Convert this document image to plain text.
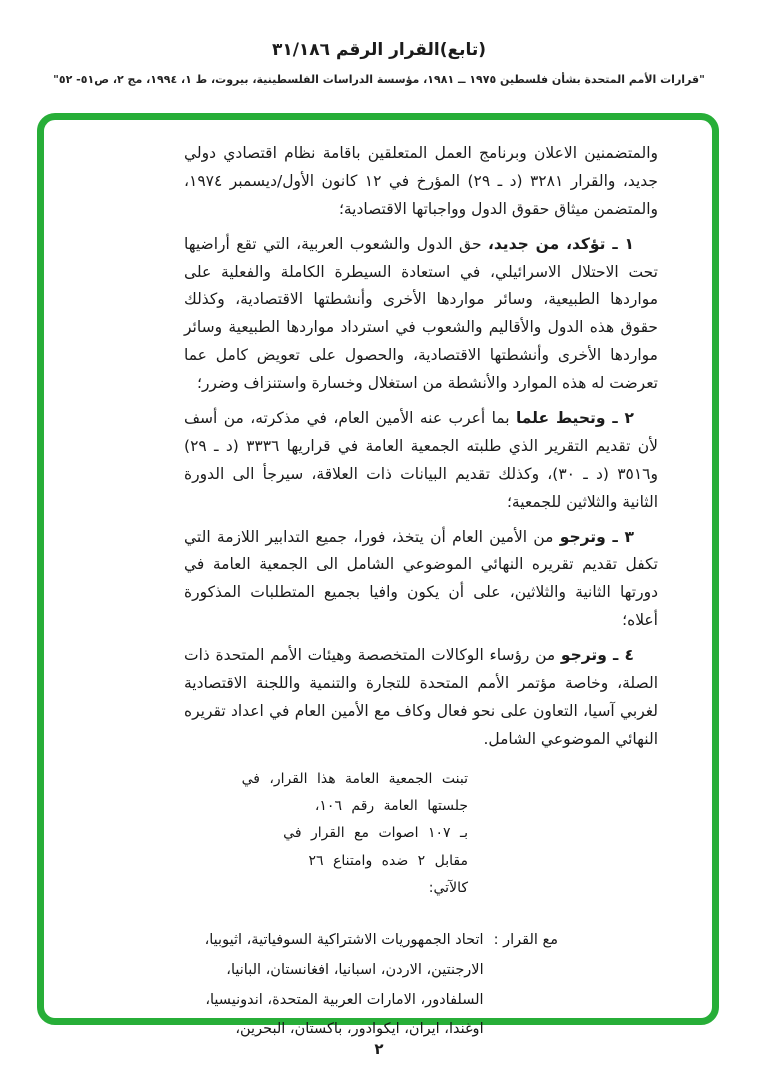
(تابع)القرار الرقم ٣١/١٨٦
"قرارات الأمم المتحدة بشأن فلسطين ١٩٧٥ ــ ١٩٨١، مؤسسة الدراسات الفلسطينية، بيروت، ط ١، ١٩٩٤، مج ٢، ص٥١- ٥٢"

والمتضمنين الاعلان وبرنامج العمل المتعلقين باقامة نظام اقتصادي دولي جديد، والقرار ٣٢٨١ (د ـ ٢٩) المؤرخ في ١٢ كانون الأول/ديسمبر ١٩٧٤، والمتضمن ميثاق حقوق الدول وواجباتها الاقتصادية؛

١ ـ تؤكد، من جديد، حق الدول والشعوب العربية، التي تقع أراضيها تحت الاحتلال الاسرائيلي، في استعادة السيطرة الكاملة والفعلية على مواردها الطبيعية، وسائر مواردها الأخرى وأنشطتها الاقتصادية، وكذلك حقوق هذه الدول والأقاليم والشعوب في استرداد مواردها الطبيعية وسائر مواردها الأخرى وأنشطتها الاقتصادية، والحصول على تعويض كامل عما تعرضت له هذه الموارد والأنشطة من استغلال وخسارة واستنزاف وضرر؛

٢ ـ وتحيط علما بما أعرب عنه الأمين العام، في مذكرته، من أسف لأن تقديم التقرير الذي طلبته الجمعية العامة في قراريها ٣٣٣٦ (د ـ ٢٩) و٣٥١٦ (د ـ ٣٠)، وكذلك تقديم البيانات ذات العلاقة، سيرجأ الى الدورة الثانية والثلاثين للجمعية؛

٣ ـ وترجو من الأمين العام أن يتخذ، فورا، جميع التدابير اللازمة التي تكفل تقديم تقريره النهائي الموضوعي الشامل الى الجمعية العامة في دورتها الثانية والثلاثين، على أن يكون وافيا بجميع المتطلبات المذكورة أعلاه؛

٤ ـ وترجو من رؤساء الوكالات المتخصصة وهيئات الأمم المتحدة ذات الصلة، وخاصة مؤتمر الأمم المتحدة للتجارة والتنمية واللجنة الاقتصادية لغربي آسيا، التعاون على نحو فعال وكاف مع الأمين العام في اعداد تقريره النهائي الموضوعي الشامل.

تبنت الجمعية العامة هذا القرار، في
جلستها العامة رقم ١٠٦،
بـ ١٠٧ اصوات مع القرار في
مقابل ٢ ضده وامتناع ٢٦
كالآتي:
مع القرار :
اتحاد الجمهوريات الاشتراكية السوفياتية، اثيوبيا،
الارجنتين، الاردن، اسبانيا، افغانستان، البانيا،
السلفادور، الامارات العربية المتحدة، اندونيسيا،
اوغندا، ايران، ايكوادور، باكستان، البحرين،
٢
